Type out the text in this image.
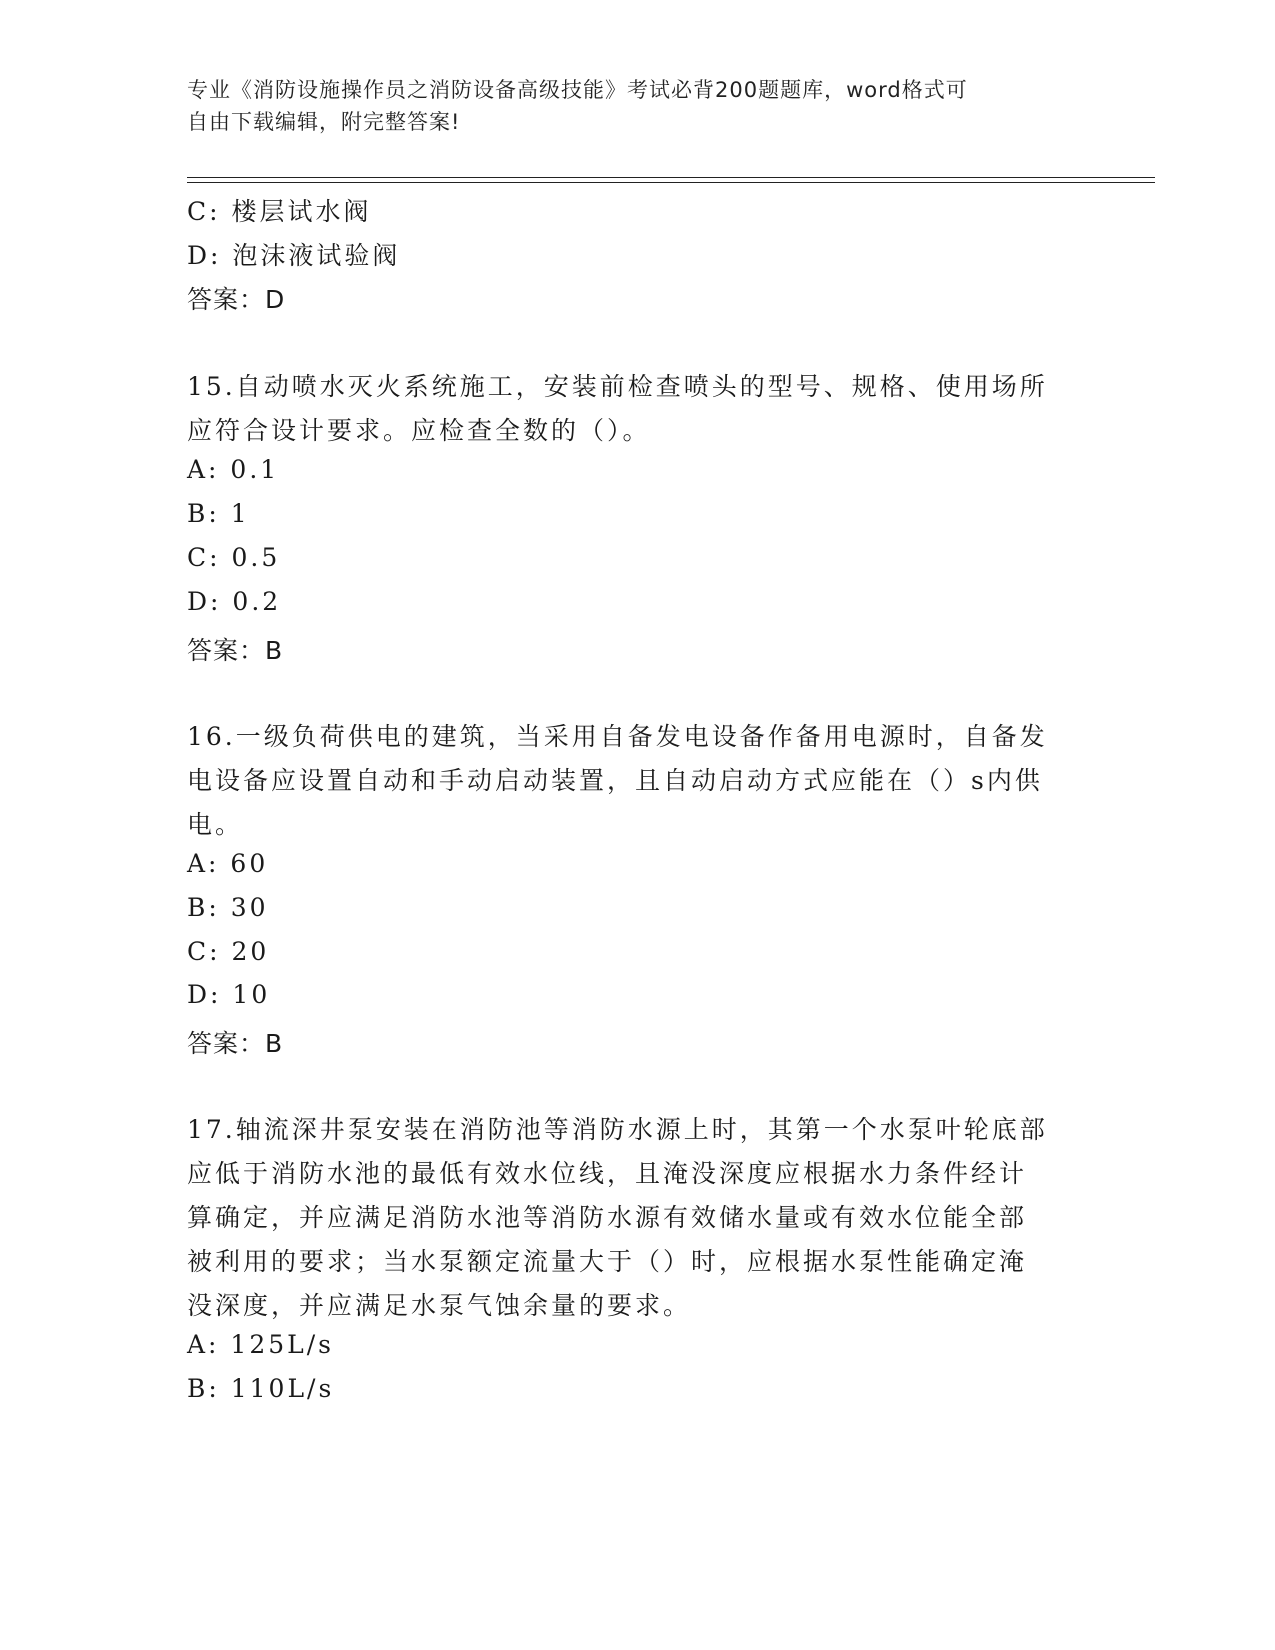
专业《消防设施操作员之消防设备高级技能》考试必背200题题库，word格式可
自由下载编辑，附完整答案!
C: 楼层试水阀
D: 泡沫液试验阀
答案：D
15.自动喷水灭火系统施工，安装前检查喷头的型号、规格、使用场所
应符合设计要求。应检查全数的（）。
A: 0.1
B: 1
C: 0.5
D: 0.2
答案：B
16.一级负荷供电的建筑，当采用自备发电设备作备用电源时，自备发
电设备应设置自动和手动启动装置，且自动启动方式应能在（）s内供
电。
A: 60
B: 30
C: 20
D: 10
答案：B
17.轴流深井泵安装在消防池等消防水源上时，其第一个水泵叶轮底部
应低于消防水池的最低有效水位线，且淹没深度应根据水力条件经计
算确定，并应满足消防水池等消防水源有效储水量或有效水位能全部
被利用的要求；当水泵额定流量大于（）时，应根据水泵性能确定淹
没深度，并应满足水泵气蚀余量的要求。
A: 125L/s
B: 110L/s
